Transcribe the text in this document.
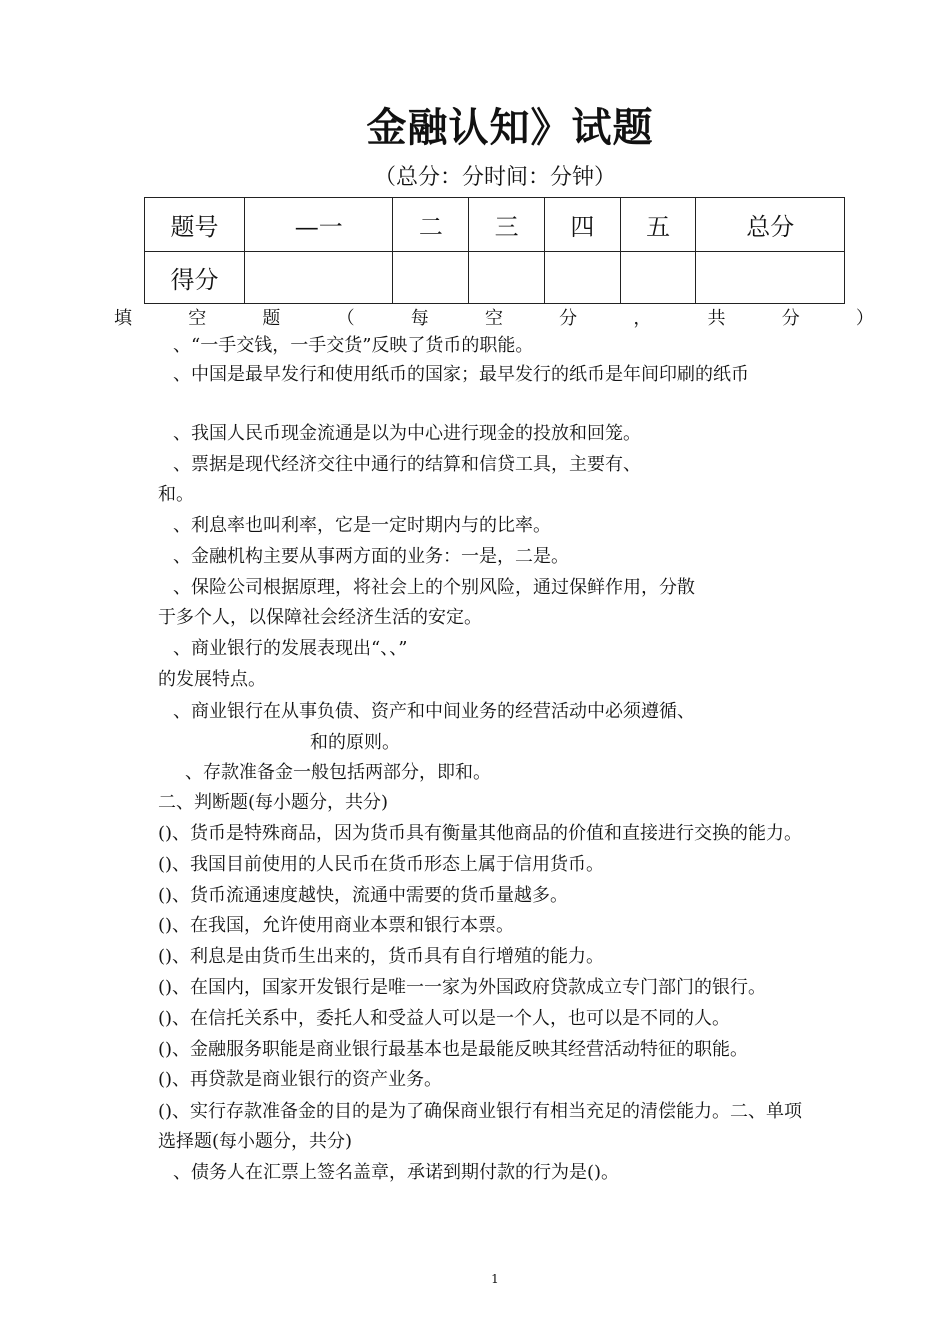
金融认知》试题
（总分：分时间：分钟）
题号	—一	二	三	四	五	总分
得分						
填	空	题	（	每	空	分	，	共	分	）
、“一手交钱，一手交货”反映了货币的职能。
、中国是最早发行和使用纸币的国家；最早发行的纸币是年间印刷的纸币
、我国人民币现金流通是以为中心进行现金的投放和回笼。
、票据是现代经济交往中通行的结算和信贷工具，主要有、
和。
、利息率也叫利率，它是一定时期内与的比率。
、金融机构主要从事两方面的业务：一是，二是。
、保险公司根据原理，将社会上的个别风险，通过保鲜作用，分散
于多个人，以保障社会经济生活的安定。
、商业银行的发展表现出“、、”
的发展特点。
、商业银行在从事负债、资产和中间业务的经营活动中必须遵循、
和的原则。
、存款准备金一般包括两部分，即和。
二、判断题(每小题分，共分)
()、货币是特殊商品，因为货币具有衡量其他商品的价值和直接进行交换的能力。
()、我国目前使用的人民币在货币形态上属于信用货币。
()、货币流通速度越快，流通中需要的货币量越多。
()、在我国，允许使用商业本票和银行本票。
()、利息是由货币生出来的，货币具有自行增殖的能力。
()、在国内，国家开发银行是唯一一家为外国政府贷款成立专门部门的银行。
()、在信托关系中，委托人和受益人可以是一个人，也可以是不同的人。
()、金融服务职能是商业银行最基本也是最能反映其经营活动特征的职能。
()、再贷款是商业银行的资产业务。
()、实行存款准备金的目的是为了确保商业银行有相当充足的清偿能力。二、单项
选择题(每小题分，共分)
、债务人在汇票上签名盖章，承诺到期付款的行为是()。
1
